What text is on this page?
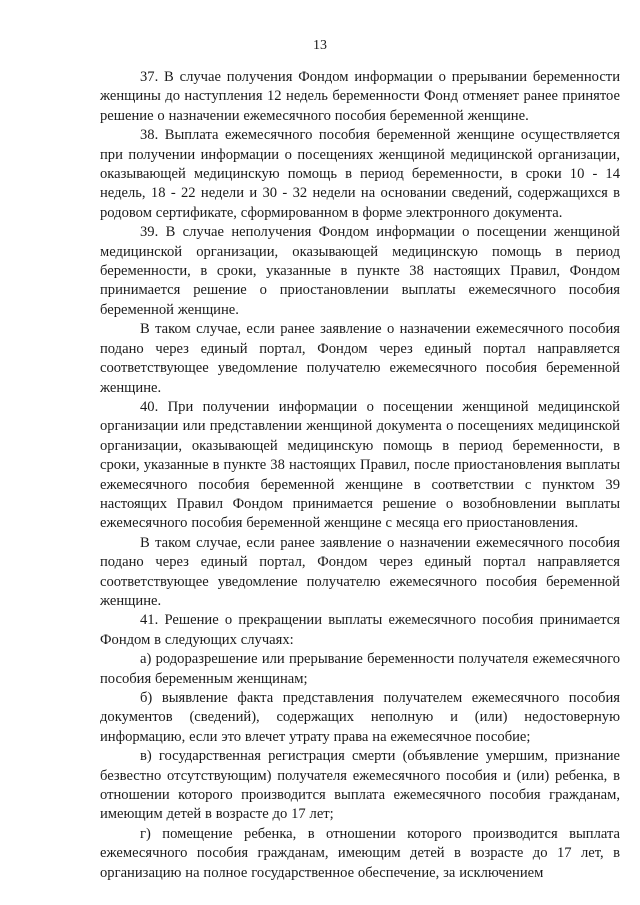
13

37. В случае получения Фондом информации о прерывании беременности женщины до наступления 12 недель беременности Фонд отменяет ранее принятое решение о назначении ежемесячного пособия беременной женщине.

38. Выплата ежемесячного пособия беременной женщине осуществляется при получении информации о посещениях женщиной медицинской организации, оказывающей медицинскую помощь в период беременности, в сроки 10 - 14 недель, 18 - 22 недели и 30 - 32 недели на основании сведений, содержащихся в родовом сертификате, сформированном в форме электронного документа.

39. В случае неполучения Фондом информации о посещении женщиной медицинской организации, оказывающей медицинскую помощь в период беременности, в сроки, указанные в пункте 38 настоящих Правил, Фондом принимается решение о приостановлении выплаты ежемесячного пособия беременной женщине.

В таком случае, если ранее заявление о назначении ежемесячного пособия подано через единый портал, Фондом через единый портал направляется соответствующее уведомление получателю ежемесячного пособия беременной женщине.

40. При получении информации о посещении женщиной медицинской организации или представлении женщиной документа о посещениях медицинской организации, оказывающей медицинскую помощь в период беременности, в сроки, указанные в пункте 38 настоящих Правил, после приостановления выплаты ежемесячного пособия беременной женщине в соответствии с пунктом 39 настоящих Правил Фондом принимается решение о возобновлении выплаты ежемесячного пособия беременной женщине с месяца его приостановления.

В таком случае, если ранее заявление о назначении ежемесячного пособия подано через единый портал, Фондом через единый портал направляется соответствующее уведомление получателю ежемесячного пособия беременной женщине.

41. Решение о прекращении выплаты ежемесячного пособия принимается Фондом в следующих случаях:

а) родоразрешение или прерывание беременности получателя ежемесячного пособия беременным женщинам;

б) выявление факта представления получателем ежемесячного пособия документов (сведений), содержащих неполную и (или) недостоверную информацию, если это влечет утрату права на ежемесячное пособие;

в) государственная регистрация смерти (объявление умершим, признание безвестно отсутствующим) получателя ежемесячного пособия и (или) ребенка, в отношении которого производится выплата ежемесячного пособия гражданам, имеющим детей в возрасте до 17 лет;

г) помещение ребенка, в отношении которого производится выплата ежемесячного пособия гражданам, имеющим детей в возрасте до 17 лет, в организацию на полное государственное обеспечение, за исключением
